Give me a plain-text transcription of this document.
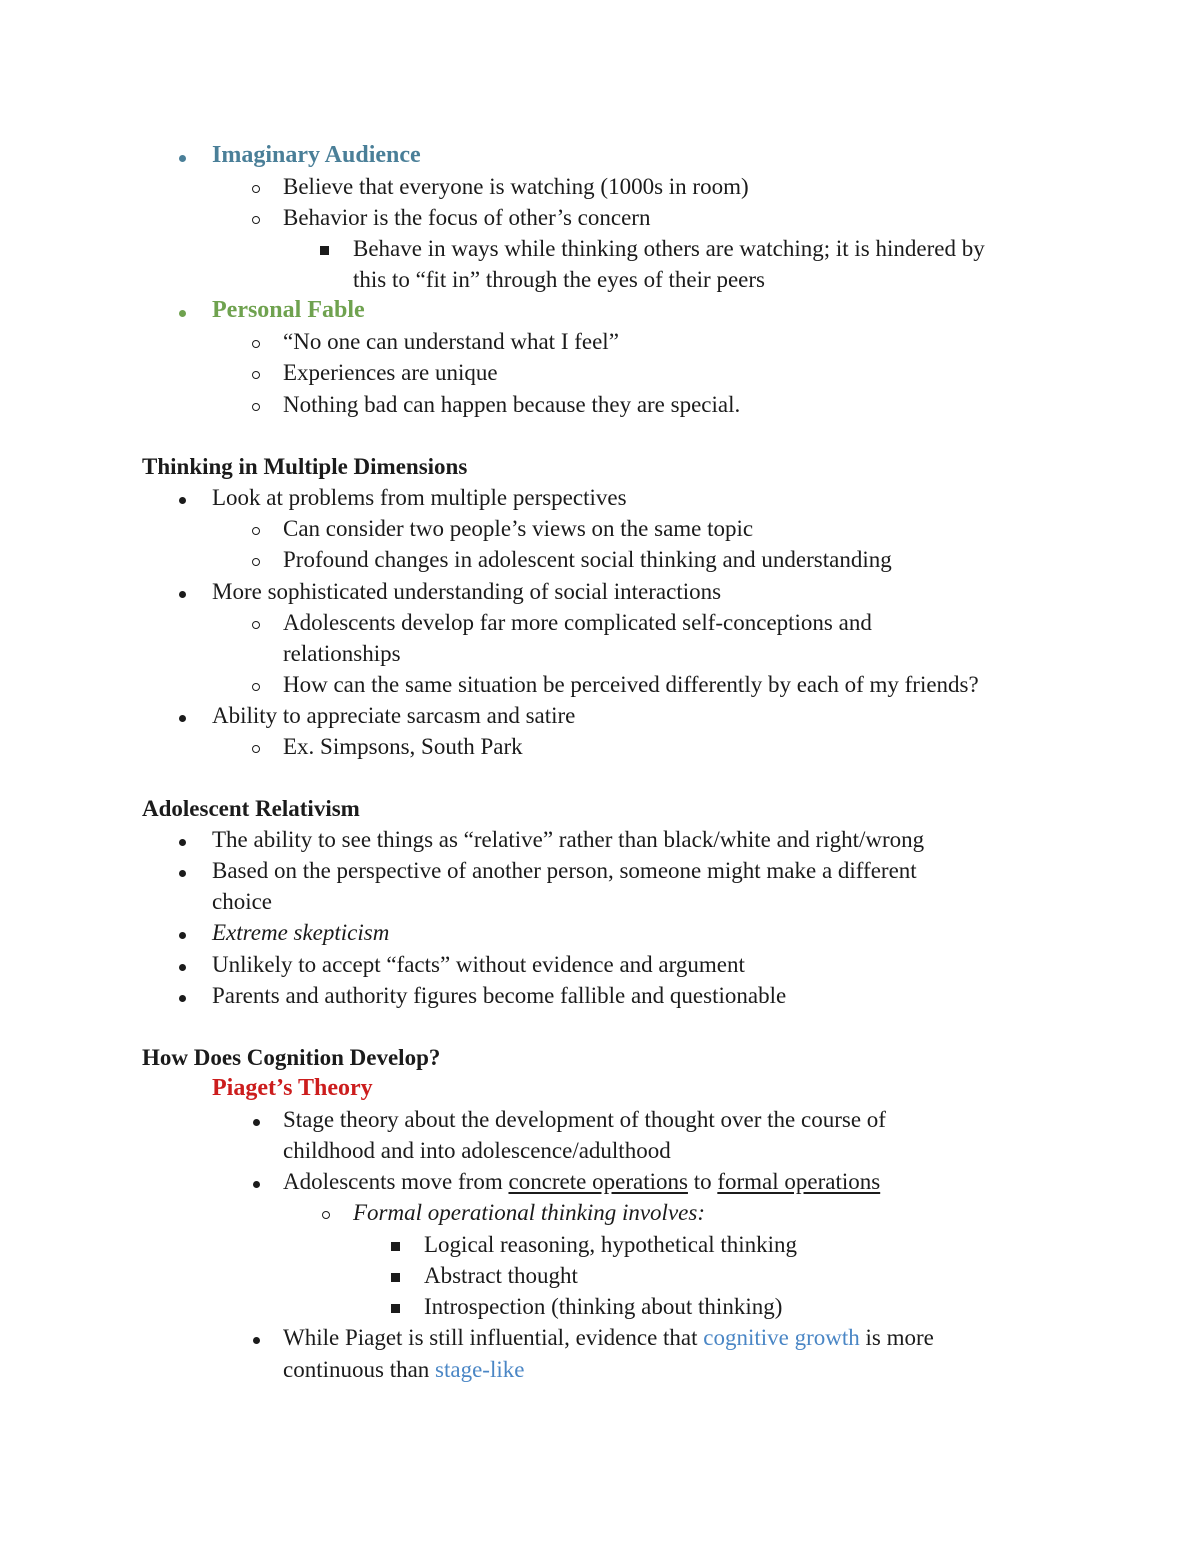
Imaginary Audience
Believe that everyone is watching (1000s in room)
Behavior is the focus of other’s concern
Behave in ways while thinking others are watching; it is hindered by
this to “fit in” through the eyes of their peers
Personal Fable
“No one can understand what I feel”
Experiences are unique
Nothing bad can happen because they are special.
Thinking in Multiple Dimensions
Look at problems from multiple perspectives
Can consider two people’s views on the same topic
Profound changes in adolescent social thinking and understanding
More sophisticated understanding of social interactions
Adolescents develop far more complicated self-conceptions and
relationships
How can the same situation be perceived differently by each of my friends?
Ability to appreciate sarcasm and satire
Ex. Simpsons, South Park
Adolescent Relativism
The ability to see things as “relative” rather than black/white and right/wrong
Based on the perspective of another person, someone might make a different
choice
Extreme skepticism
Unlikely to accept “facts” without evidence and argument
Parents and authority figures become fallible and questionable
How Does Cognition Develop?
Piaget’s Theory
Stage theory about the development of thought over the course of
childhood and into adolescence/adulthood
Adolescents move from concrete operations to formal operations
Formal operational thinking involves:
Logical reasoning, hypothetical thinking
Abstract thought
Introspection (thinking about thinking)
While Piaget is still influential, evidence that cognitive growth is more
continuous than stage-like
